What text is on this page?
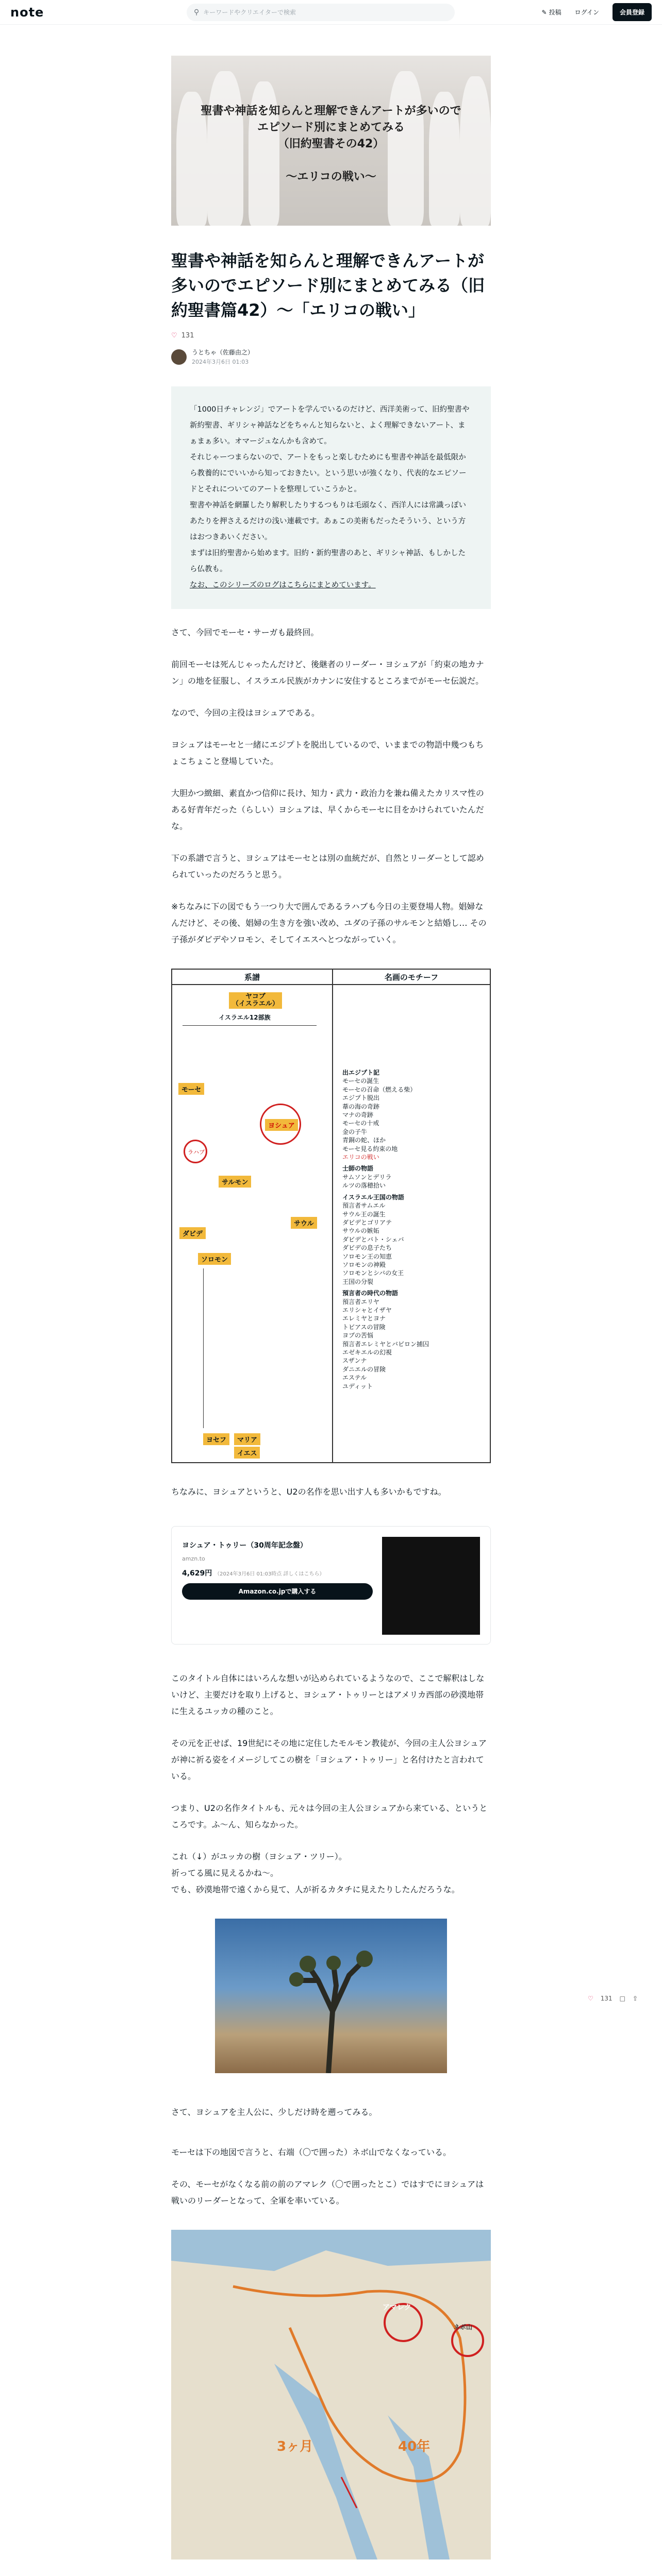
note	⚲ キーワードやクリエイターで検索	✎ 投稿 ログイン	会員登録
♡ 131 □ ⇪
聖書や神話を知らんと理解できんアートが多いので
エピソード別にまとめてみる
（旧約聖書その42）

〜エリコの戦い〜
聖書や神話を知らんと理解できんアートが多いのでエピソード別にまとめてみる（旧約聖書篇42）〜「エリコの戦い」
♡ 131
うとちゃ（佐藤由之）
2024年3月6日 01:03

「1000日チャレンジ」でアートを学んでいるのだけど、西洋美術って、旧約聖書や新約聖書、ギリシャ神話などをちゃんと知らないと、よく理解できないアート、まぁまぁ多い。オマージュなんかも含めて。

それじゃーつまらないので、アートをもっと楽しむためにも聖書や神話を最低限から教養的にでいいから知っておきたい。という思いが強くなり、代表的なエピソードとそれについてのアートを整理していこうかと。

聖書や神話を網羅したり解釈したりするつもりは毛頭なく、西洋人には常識っぽいあたりを押さえるだけの浅い連載です。あぁこの美術もだったそういう、という方はおつきあいください。

まずは旧約聖書から始めます。旧約・新約聖書のあと、ギリシャ神話、もしかしたら仏教も。

なお、このシリーズのログはこちらにまとめています。

さて、今回でモーセ・サーガも最終回。

前回モーセは死んじゃったんだけど、後継者のリーダー・ヨシュアが「約束の地カナン」の地を征服し、イスラエル民族がカナンに安住するところまでがモーセ伝説だ。

なので、今回の主役はヨシュアである。

ヨシュアはモーセと一緒にエジプトを脱出しているので、いままでの物語中幾つもちょこちょこと登場していた。

大胆かつ緻細、素直かつ信仰に長け、知力・武力・政治力を兼ね備えたカリスマ性のある好青年だった（らしい）ヨシュアは、早くからモーセに目をかけられていたんだな。

下の系譜で言うと、ヨシュアはモーセとは別の血統だが、自然とリーダーとして認められていったのだろうと思う。

※ちなみに下の図でもう一つり大で囲んであるラハブも今日の主要登場人物。娼婦なんだけど、その後、娼婦の生き方を強い改め、ユダの子孫のサルモンと結婚し… その子孫がダビデやソロモン、そしてイエスへとつながっていく。

系譜	名画のモチーフ
ヤコブ
（イスラエル）
イスラエル12部族
モーセ
ラハブ
ヨシュア
サルモン
サウル
ダビデ
ソロモン
ヨセフ	マリア
イエス
出エジプト記
モーセの誕生
モーセの召命（燃える柴）
エジプト脱出
葦の海の奇跡
マナの奇跡
モーセの十戒
金の子牛
青銅の蛇、ほか
モーセ見る約束の地
エリコの戦い
士師の物語
サムソンとデリラ
ルツの落穂拾い
イスラエル王国の物語
預言者サムエル
サウル王の誕生
ダビデとゴリアテ
サウルの嫉妬
ダビデとバト・シェバ
ダビデの息子たち
ソロモン王の知恵
ソロモンの神殿
ソロモンとシバの女王
王国の分裂
預言者の時代の物語
預言者エリヤ
エリシャとイザヤ
エレミヤとヨナ
トビアスの冒険
ヨブの苦悩
預言者エレミヤとバビロン捕囚
エゼキエルの幻視
スザンナ
ダニエルの冒険
エステル
ユディット

ちなみに、ヨシュアというと、U2の名作を思い出す人も多いかもですね。

ヨシュア・トゥリー（30周年記念盤）
amzn.to
4,629円 （2024年3月6日 01:03時点 詳しくはこちら）
Amazon.co.jpで購入する

このタイトル自体にはいろんな想いが込められているようなので、ここで解釈はしないけど、主要だけを取り上げると、ヨシュア・トゥリーとはアメリカ西部の砂漠地帯に生えるユッカの種のこと。

その元を正せば、19世紀にその地に定住したモルモン教徒が、今回の主人公ヨシュアが神に祈る姿をイメージしてこの樹を「ヨシュア・トゥリー」と名付けたと言われている。

つまり、U2の名作タイトルも、元々は今回の主人公ヨシュアから来ている、というところです。ふ〜ん、知らなかった。

これ（↓）がユッカの樹（ヨシュア・ツリー）。
祈ってる風に見えるかね〜。
でも、砂漠地帯で遠くから見て、人が祈るカタチに見えたりしたんだろうな。

さて、ヨシュアを主人公に、少しだけ時を遡ってみる。

モーセは下の地図で言うと、右端（〇で囲った）ネボ山でなくなっている。

その、モーセがなくなる前の前のアマレク（〇で囲ったとこ）ではすでにヨシュアは戦いのリーダーとなって、全軍を率いている。

3ヶ月	40年
アマレク
ネボ山
